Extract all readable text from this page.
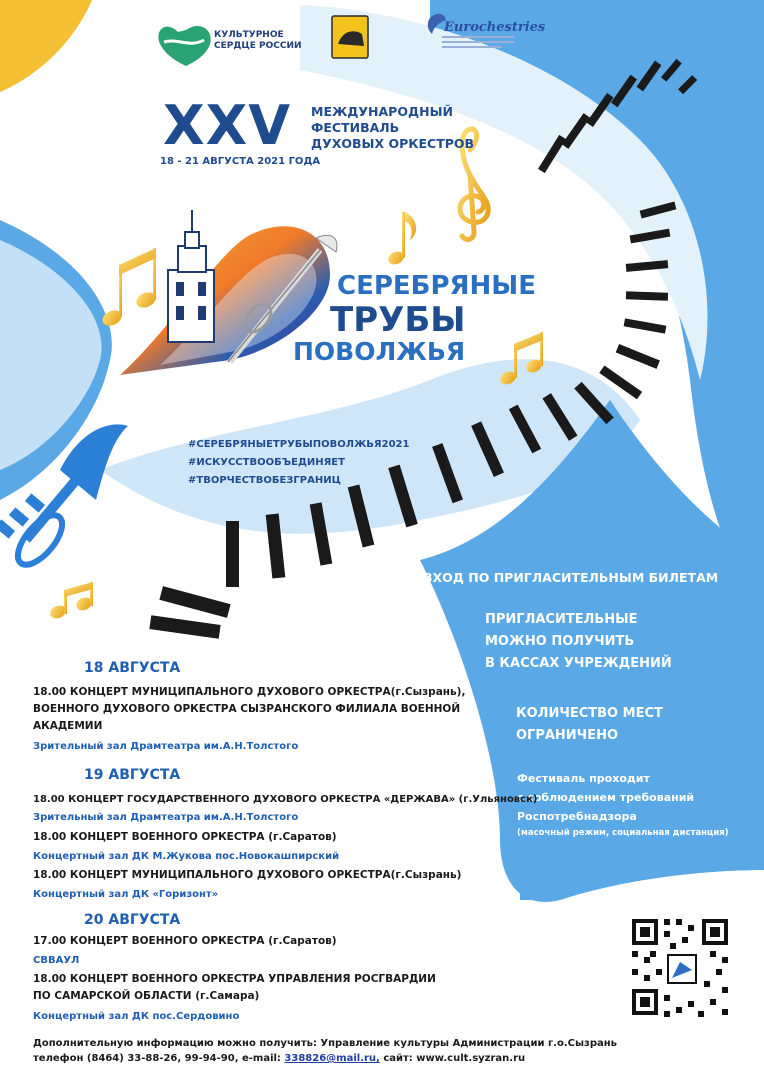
КУЛЬТУРНОЕ
СЕРДЦЕ РОССИИ
Eurochestries
XXV
18 - 21 АВГУСТА 2021 ГОДА
МЕЖДУНАРОДНЫЙ
ФЕСТИВАЛЬ
ДУХОВЫХ ОРКЕСТРОВ
СЕРЕБРЯНЫЕ
ТРУБЫ
ПОВОЛЖЬЯ
#СЕРЕБРЯНЫЕТРУБЫПОВОЛЖЬЯ2021
#ИСКУССТВООБЪЕДИНЯЕТ
#ТВОРЧЕСТВОБЕЗГРАНИЦ
ВХОД ПО ПРИГЛАСИТЕЛЬНЫМ БИЛЕТАМ
ПРИГЛАСИТЕЛЬНЫЕ
МОЖНО ПОЛУЧИТЬ
В КАССАХ УЧРЕЖДЕНИЙ
КОЛИЧЕСТВО МЕСТ
ОГРАНИЧЕНО
Фестиваль проходит
с соблюдением требований
Роспотребнадзора
(масочный режим, социальная дистанция)
18 АВГУСТА
18.00 КОНЦЕРТ МУНИЦИПАЛЬНОГО ДУХОВОГО ОРКЕСТРА(г.Сызрань),
ВОЕННОГО ДУХОВОГО ОРКЕСТРА СЫЗРАНСКОГО ФИЛИАЛА ВОЕННОЙ
АКАДЕМИИ
Зрительный зал Драмтеатра им.А.Н.Толстого
19 АВГУСТА
18.00 КОНЦЕРТ ГОСУДАРСТВЕННОГО ДУХОВОГО ОРКЕСТРА «ДЕРЖАВА» (г.Ульяновск)
Зрительный зал Драмтеатра им.А.Н.Толстого
18.00 КОНЦЕРТ ВОЕННОГО ОРКЕСТРА (г.Саратов)
Концертный зал ДК М.Жукова пос.Новокашпирский
18.00 КОНЦЕРТ МУНИЦИПАЛЬНОГО ДУХОВОГО ОРКЕСТРА(г.Сызрань)
Концертный зал ДК «Горизонт»
20 АВГУСТА
17.00 КОНЦЕРТ ВОЕННОГО ОРКЕСТРА (г.Саратов)
СВВАУЛ
18.00 КОНЦЕРТ ВОЕННОГО ОРКЕСТРА УПРАВЛЕНИЯ РОСГВАРДИИ
ПО САМАРСКОЙ ОБЛАСТИ (г.Самара)
Концертный зал ДК пос.Сердовино
Дополнительную информацию можно получить: Управление культуры Администрации г.о.Сызрань
телефон (8464) 33-88-26, 99-94-90, e-mail: 338826@mail.ru, сайт: www.cult.syzran.ru
